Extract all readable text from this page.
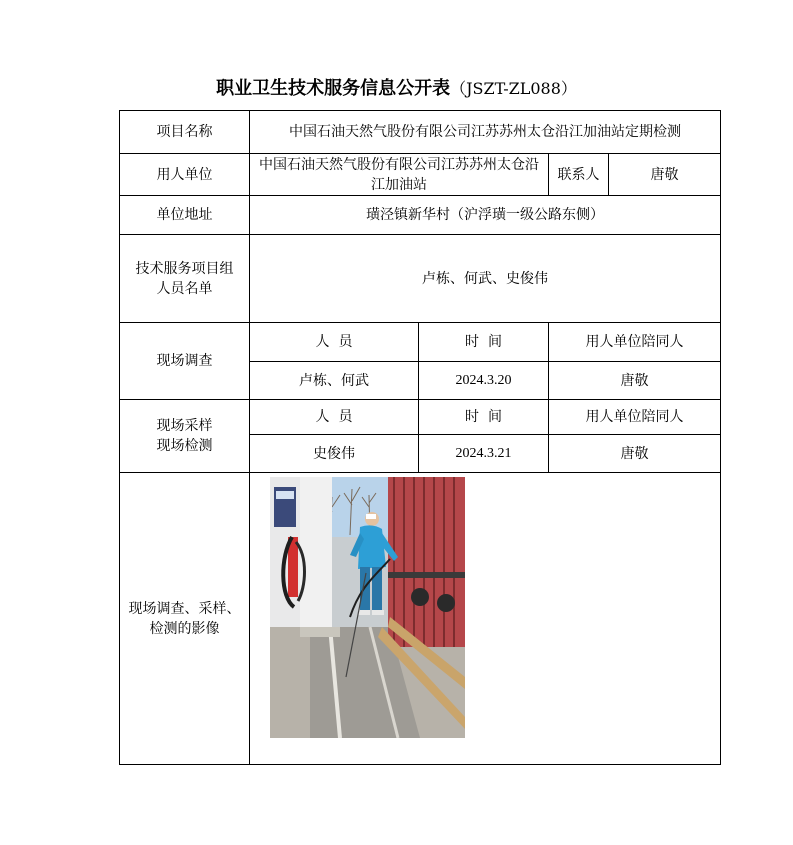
职业卫生技术服务信息公开表（JSZT-ZL088）
项目名称	中国石油天然气股份有限公司江苏苏州太仓沿江加油站定期检测			
用人单位	中国石油天然气股份有限公司江苏苏州太仓沿江加油站		联系人	唐敬
单位地址	璜泾镇新华村（沪浮璜一级公路东侧）			
技术服务项目组人员名单	卢栋、何武、史俊伟			
现场调查	人  员	时  间	用人单位陪同人	
	卢栋、何武	2024.3.20	唐敬	
现场采样
现场检测	人  员	时  间	用人单位陪同人	
	史俊伟	2024.3.21	唐敬	
现场调查、采样、检测的影像	
